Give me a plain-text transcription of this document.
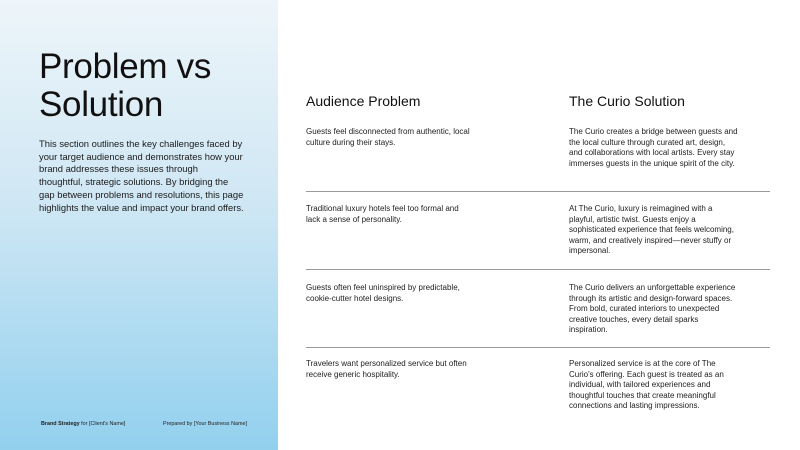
Problem vs Solution

This section outlines the key challenges faced by your target audience and demonstrates how your brand addresses these issues through thoughtful, strategic solutions. By bridging the gap between problems and resolutions, this page highlights the value and impact your brand offers.

Brand Strategy for [Client's Name]	Prepared by [Your Business Name]
Audience Problem	The Curio Solution

Guests feel disconnected from authentic, local culture during their stays.

The Curio creates a bridge between guests and the local culture through curated art, design, and collaborations with local artists. Every stay immerses guests in the unique spirit of the city.

Traditional luxury hotels feel too formal and lack a sense of personality.

At The Curio, luxury is reimagined with a playful, artistic twist. Guests enjoy a sophisticated experience that feels welcoming, warm, and creatively inspired—never stuffy or impersonal.

Guests often feel uninspired by predictable, cookie-cutter hotel designs.

The Curio delivers an unforgettable experience through its artistic and design-forward spaces. From bold, curated interiors to unexpected creative touches, every detail sparks inspiration.

Travelers want personalized service but often receive generic hospitality.

Personalized service is at the core of The Curio's offering. Each guest is treated as an individual, with tailored experiences and thoughtful touches that create meaningful connections and lasting impressions.
